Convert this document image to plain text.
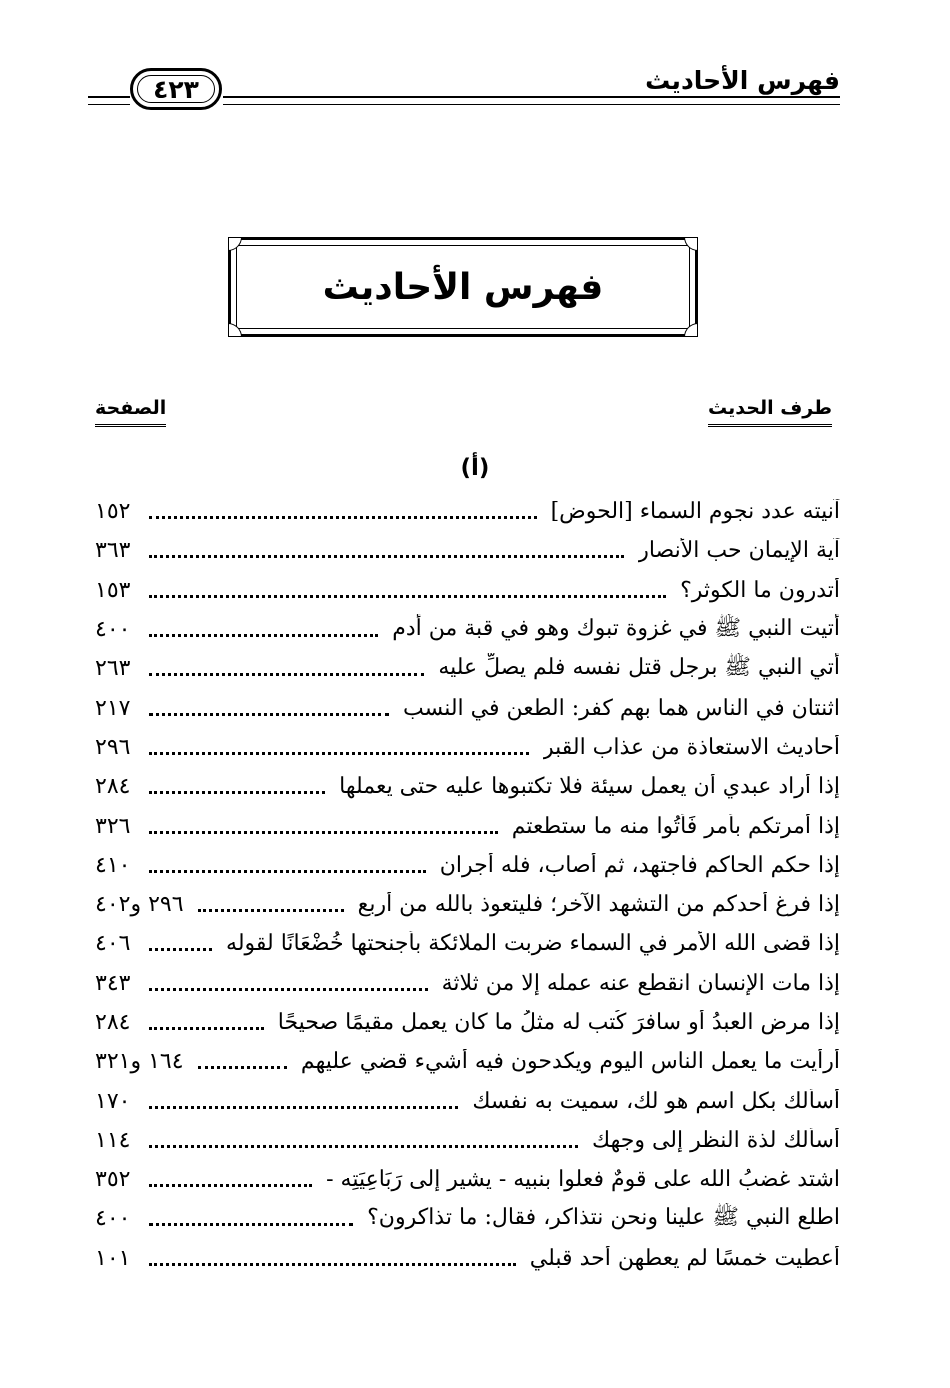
٤٢٣	فهرس الأحاديث
فهرس الأحاديث
طرف الحديث
الصفحة
(أ)
١٥٢	آنيته عدد نجوم السماء [الحوض]
٣٦٣	آية الإيمان حب الأنصار
١٥٣	أتدرون ما الكوثر؟
٤٠٠	أتيت النبي ﷺ في غزوة تبوك وهو في قبة من أدم
٢٦٣	أُتي النبي ﷺ برجل قتل نفسه فلم يصلِّ عليه
٢١٧	اثنتان في الناس هما بهم كفر: الطعن في النسب
٢٩٦	أحاديث الاستعاذة من عذاب القبر
٢٨٤	إذا أراد عبدي أن يعمل سيئة فلا تكتبوها عليه حتى يعملها
٣٢٦	إذا أمرتكم بأمر فَأْتُوا منه ما ستطعتم
٤١٠	إذا حكم الحاكم فاجتهد، ثم أصاب، فله أجران
٢٩٦ و٤٠٢	إذا فرغ أحدكم من التشهد الآخر؛ فليتعوذ بالله من أربع
٤٠٦	إذا قضى الله الأمر في السماء ضربت الملائكة بأجنحتها خُضْعَانًا لقوله
٣٤٣	إذا مات الإنسان انقطع عنه عمله إلا من ثلاثة
٢٨٤	إذا مرض العبدُ أو سافرَ كُتب له مثلُ ما كان يعمل مقيمًا صحيحًا
١٦٤ و٣٢١	أرأيت ما يعمل الناس اليوم ويكدحون فيه أشيء قضي عليهم
١٧٠	أسألك بكل اسم هو لك، سميت به نفسك
١١٤	أسألك لذة النظر إلى وجهك
٣٥٢	اشتد غضبُ الله على قومٌ فعلوا بنبيه - يشير إلى رَبَاعِيَتِه -
٤٠٠	اطلع النبي ﷺ علينا ونحن نتذاكر، فقال: ما تذاكرون؟
١٠١	أعطيت خمسًا لم يعطهن أحد قبلي
